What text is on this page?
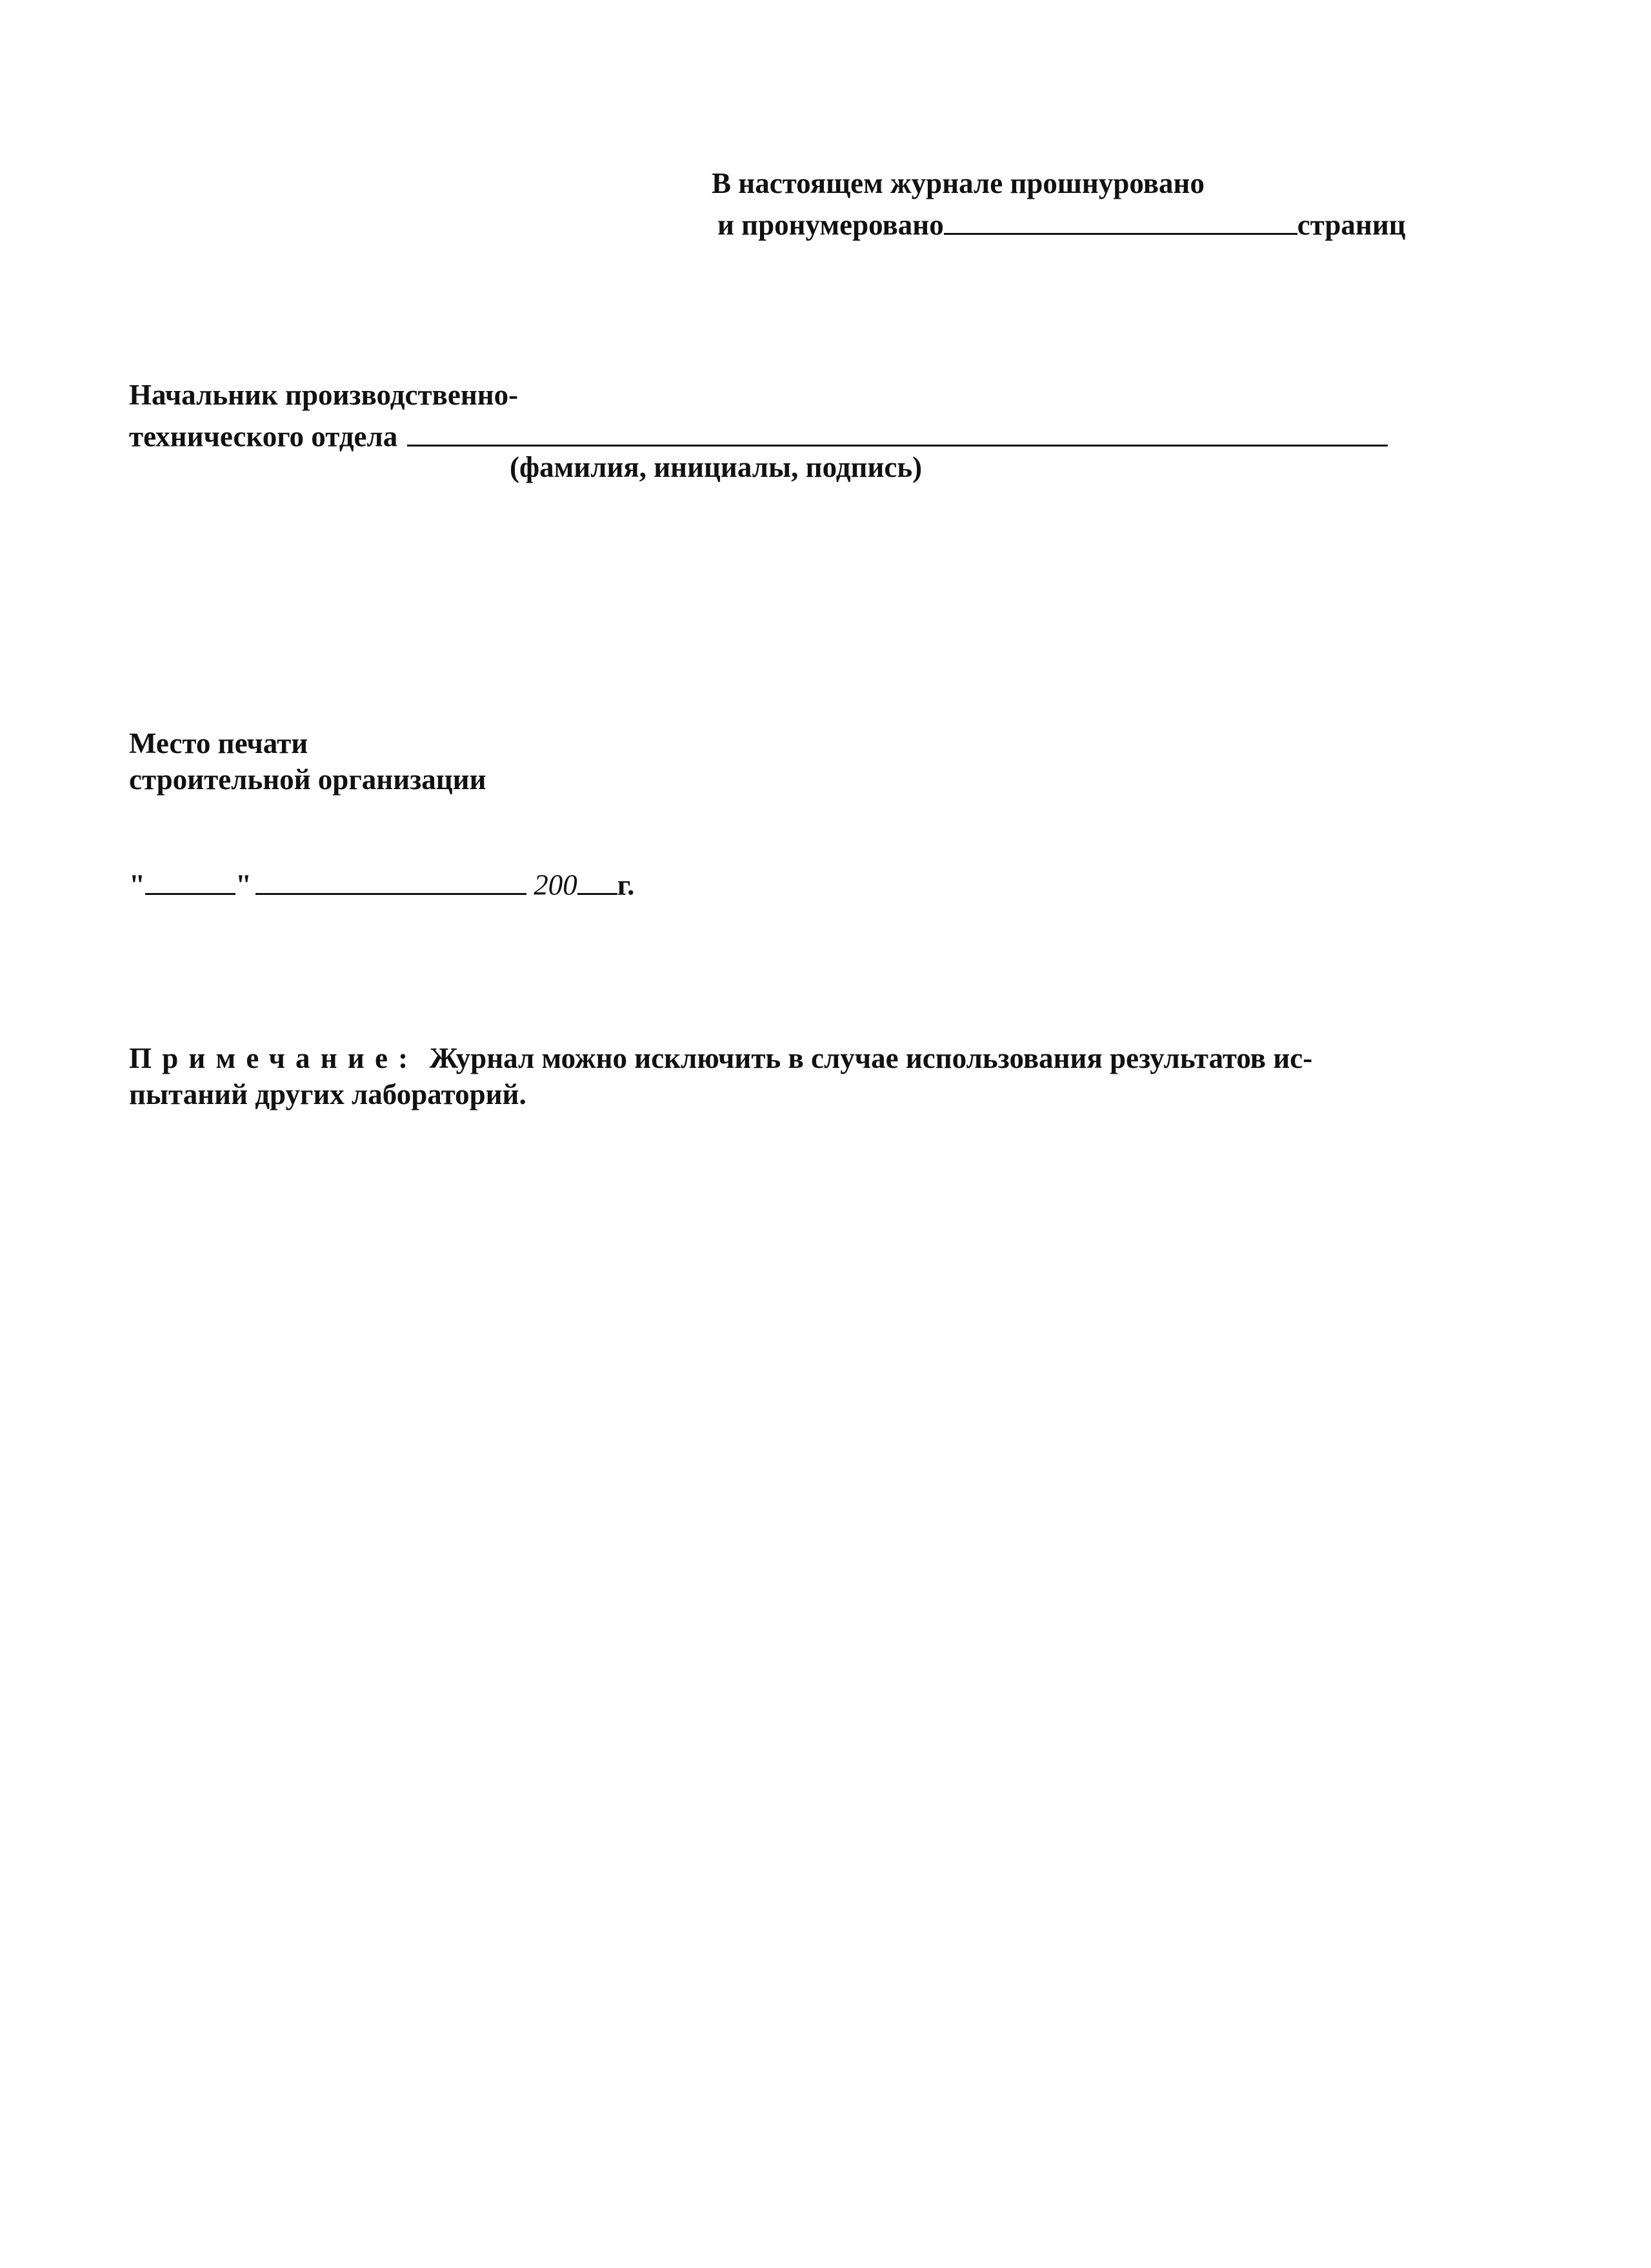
В настоящем журнале прошнуровано
и пронумеровано	страниц
Начальник производственно-
технического отдела
(фамилия, инициалы, подпись)
Место печати
строительной организации
"	"	200 г.
Примечание: Журнал можно исключить в случае использования результатов ис-
пытаний других лабораторий.
